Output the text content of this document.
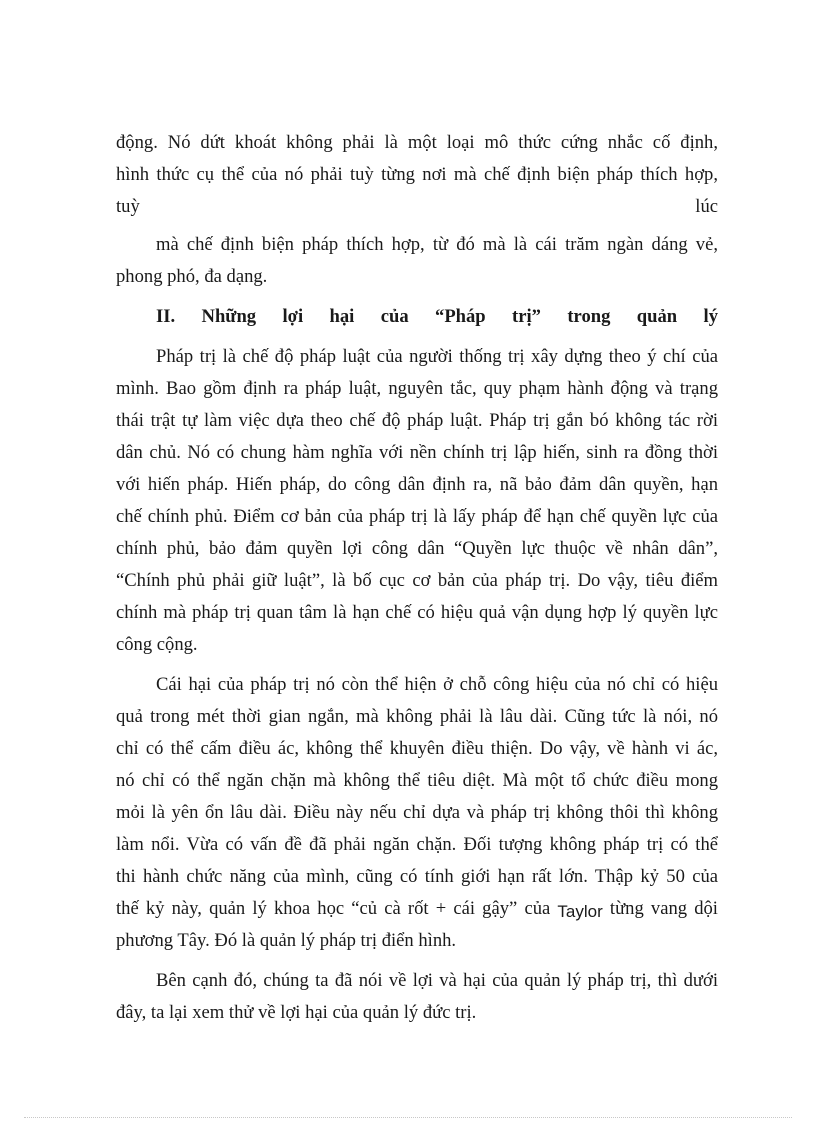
động. Nó dứt khoát không phải là một loại mô thức cứng nhắc cố định,
hình thức cụ thể của nó phải tuỳ từng nơi mà chế định biện pháp thích hợp,
tuỳ lúc
mà chế định biện pháp thích hợp, từ đó mà là cái trăm ngàn dáng vẻ,
phong phó, đa dạng.
II. Những lợi hại của “Pháp trị” trong quản lý
Pháp trị là chế độ pháp luật của người thống trị xây dựng theo ý chí của
mình. Bao gồm định ra pháp luật, nguyên tắc, quy phạm hành động và trạng
thái trật tự làm việc dựa theo chế độ pháp luật. Pháp trị gắn bó không tác rời
dân chủ. Nó có chung hàm nghĩa với nền chính trị lập hiến, sinh ra đồng thời
với hiến pháp. Hiến pháp, do công dân định ra, nã bảo đảm dân quyền, hạn
chế chính phủ. Điểm cơ bản của pháp trị là lấy pháp để hạn chế quyền lực của
chính phủ, bảo đảm quyền lợi công dân “Quyền lực thuộc về nhân dân”,
“Chính phủ phải giữ luật”, là bố cục cơ bản của pháp trị. Do vậy, tiêu điểm
chính mà pháp trị quan tâm là hạn chế có hiệu quả vận dụng hợp lý quyền lực
công cộng.
Cái hại của pháp trị nó còn thể hiện ở chỗ công hiệu của nó chỉ có hiệu
quả trong mét thời gian ngắn, mà không phải là lâu dài. Cũng tức là nói, nó
chỉ có thể cấm điều ác, không thể khuyên điều thiện. Do vậy, về hành vi ác,
nó chỉ có thể ngăn chặn mà không thể tiêu diệt. Mà một tổ chức điều mong
mỏi là yên ổn lâu dài. Điều này nếu chỉ dựa và pháp trị không thôi thì không
làm nổi. Vừa có vấn đề đã phải ngăn chặn. Đối tượng không pháp trị có thể
thi hành chức năng của mình, cũng có tính giới hạn rất lớn. Thập kỷ 50 của
thế kỷ này, quản lý khoa học “củ cà rốt + cái gậy” của Taylor từng vang dội
phương Tây. Đó là quản lý pháp trị điển hình.
Bên cạnh đó, chúng ta đã nói về lợi và hại của quản lý pháp trị, thì dưới
đây, ta lại xem thử về lợi hại của quản lý đức trị.
